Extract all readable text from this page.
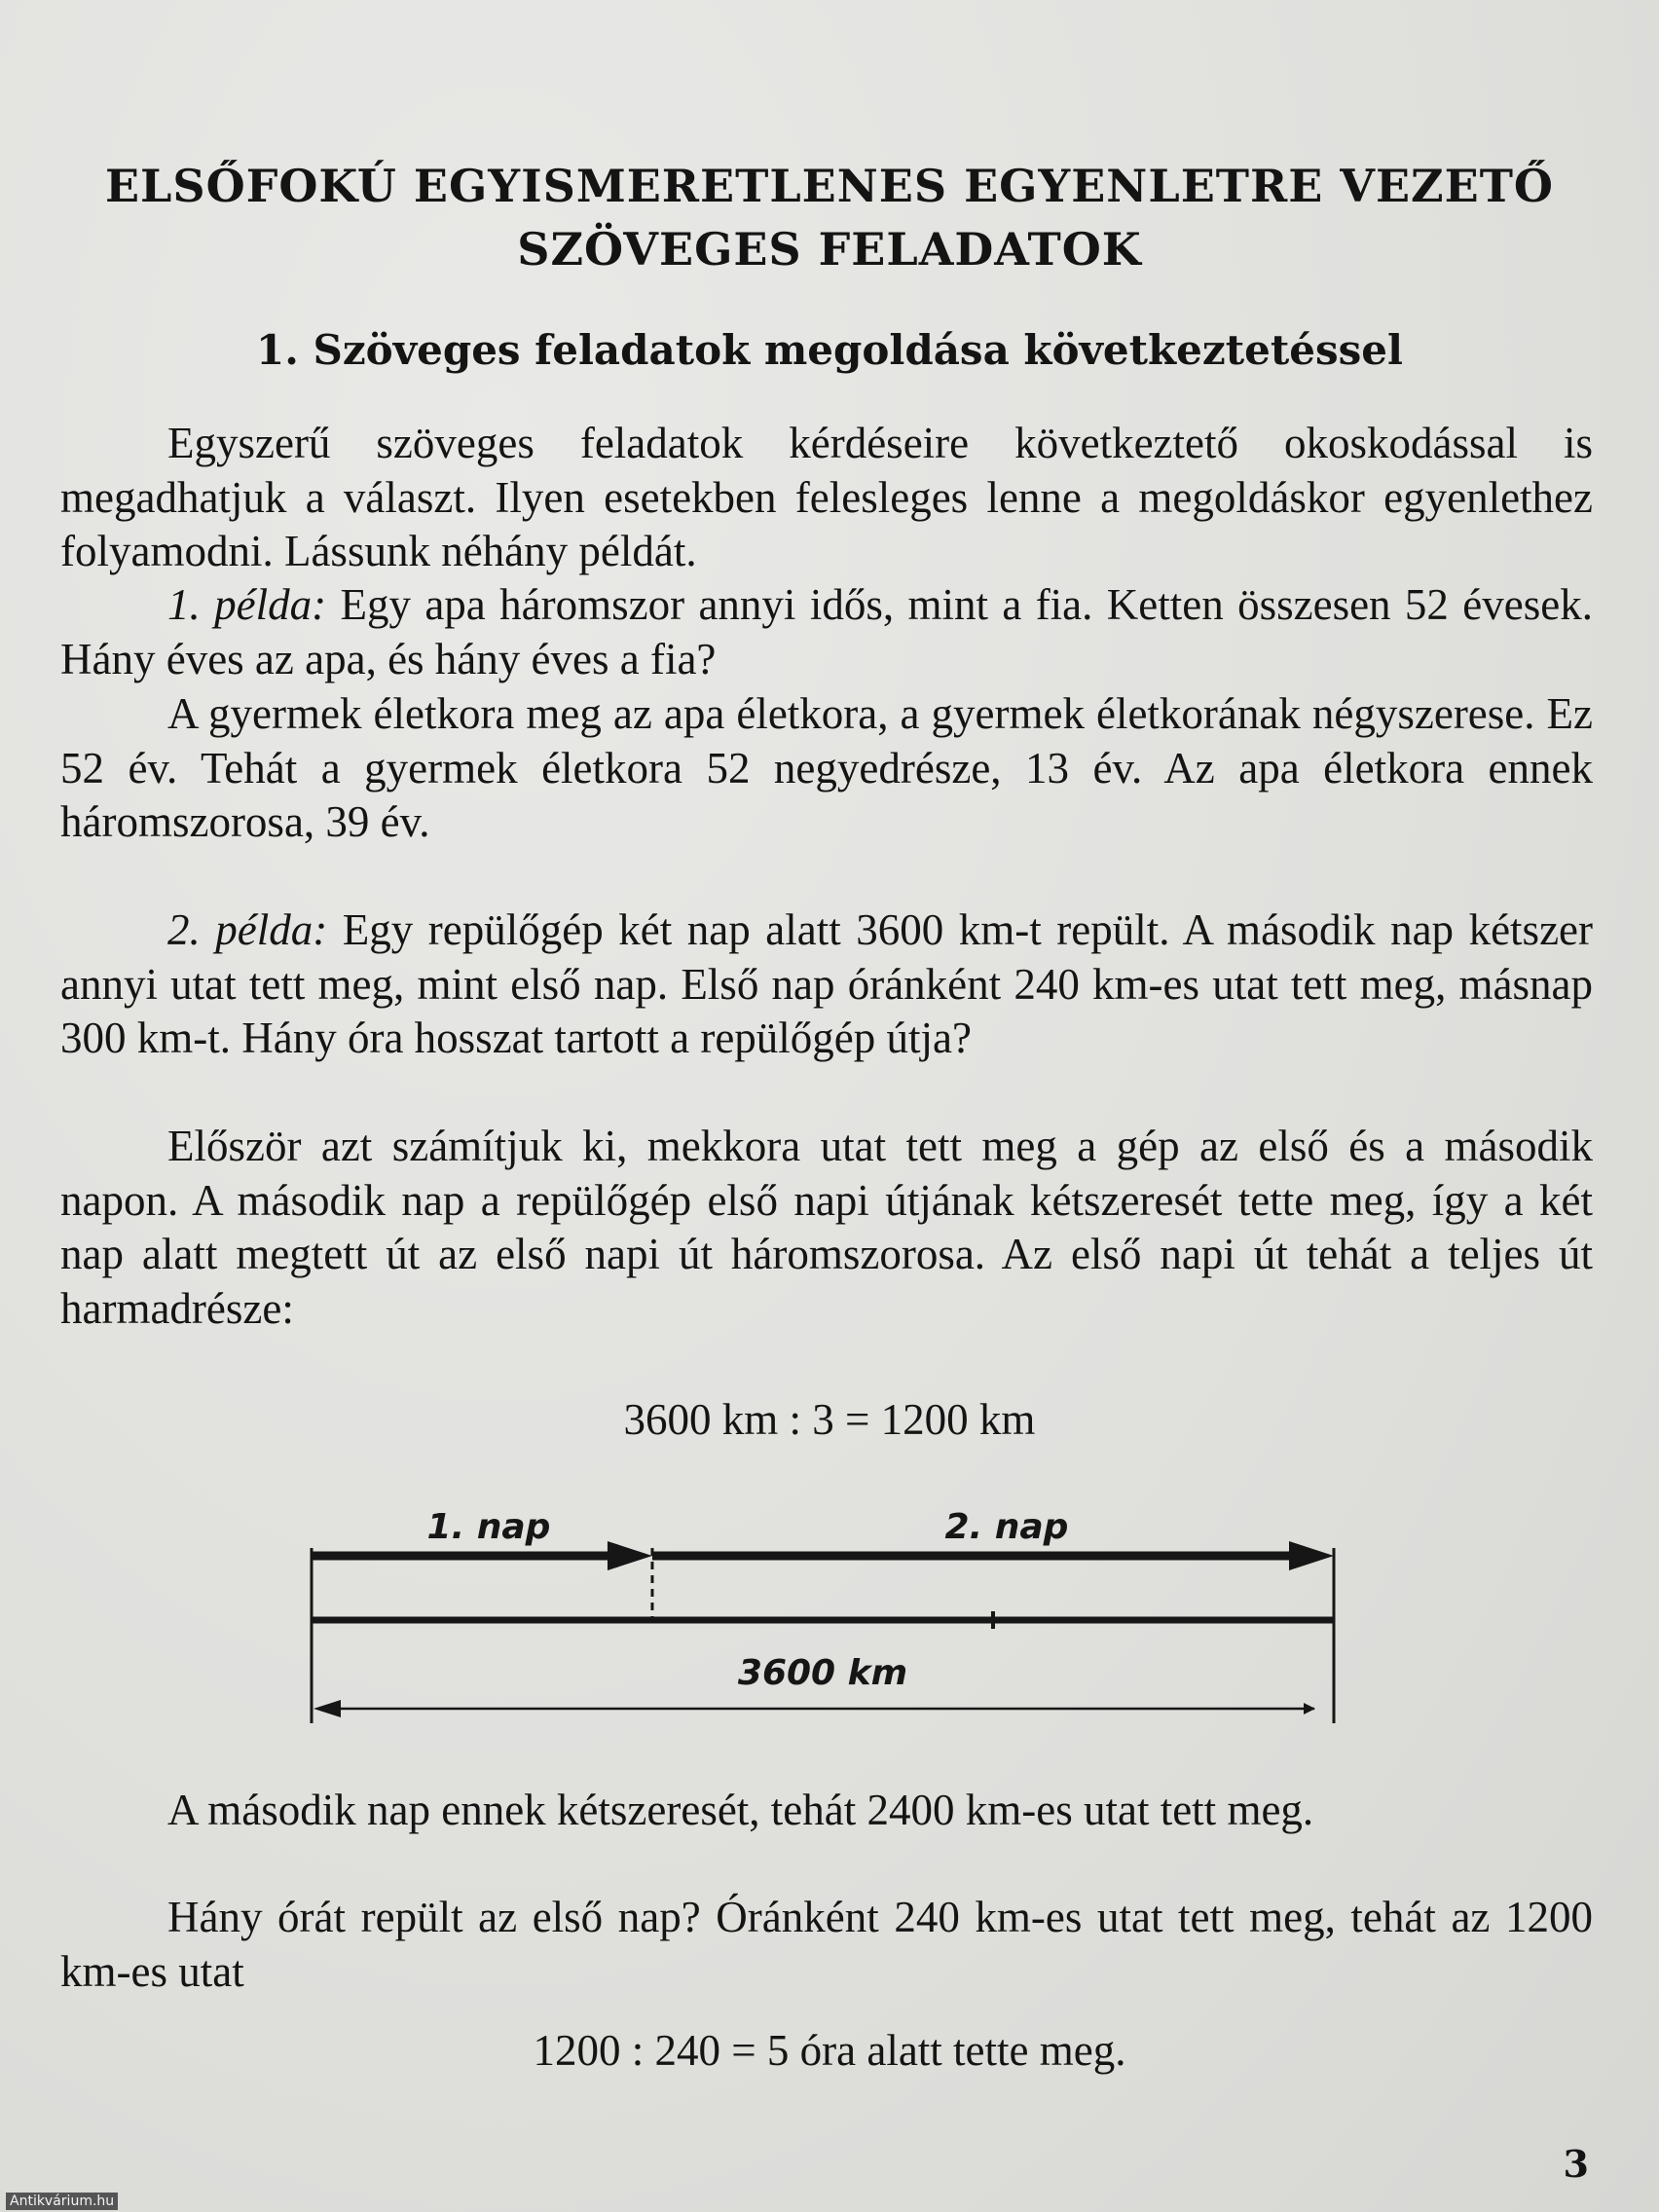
ELSŐFOKÚ EGYISMERETLENES EGYENLETRE VEZETŐ
SZÖVEGES FELADATOK
1. Szöveges feladatok megoldása következtetéssel

Egyszerű szöveges feladatok kérdéseire következtető okoskodással is megadhatjuk a választ. Ilyen esetekben felesleges lenne a megoldáskor egyenlethez folyamodni. Lássunk néhány példát.

1. példa: Egy apa háromszor annyi idős, mint a fia. Ketten összesen 52 évesek. Hány éves az apa, és hány éves a fia?

A gyermek életkora meg az apa életkora, a gyermek életkorának négyszerese. Ez 52 év. Tehát a gyermek életkora 52 negyedrésze, 13 év. Az apa életkora ennek háromszorosa, 39 év.

2. példa: Egy repülőgép két nap alatt 3600 km-t repült. A második nap kétszer annyi utat tett meg, mint első nap. Első nap óránként 240 km-es utat tett meg, másnap 300 km-t. Hány óra hosszat tartott a repülőgép útja?

Először azt számítjuk ki, mekkora utat tett meg a gép az első és a második napon. A második nap a repülőgép első napi útjának kétszeresét tette meg, így a két nap alatt megtett út az első napi út háromszorosa. Az első napi út tehát a teljes út harmadrésze:

3600 km : 3 = 1200 km

1. nap	2. nap
3600 km

A második nap ennek kétszeresét, tehát 2400 km-es utat tett meg.

Hány órát repült az első nap? Óránként 240 km-es utat tett meg, tehát az 1200 km-es utat

1200 : 240 = 5 óra alatt tette meg.

3

Antikvárium.hu
